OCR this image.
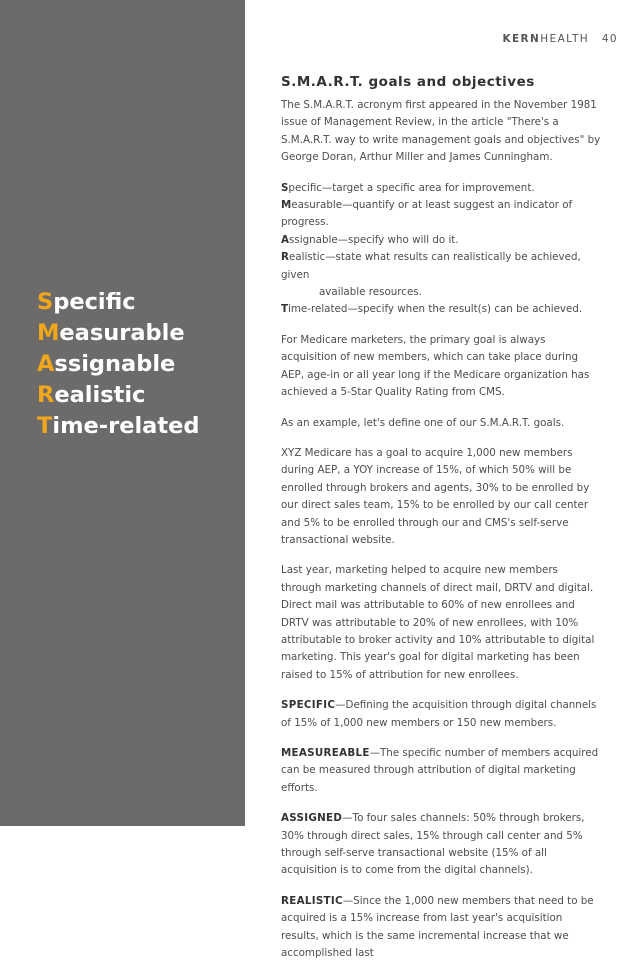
Specific
Measurable
Assignable
Realistic
Time-related
KERNHEALTH 40
S.M.A.R.T. goals and objectives

The S.M.A.R.T. acronym first appeared in the November 1981 issue of Management Review, in the article "There's a S.M.A.R.T. way to write management goals and objectives" by George Doran, Arthur Miller and James Cunningham.

Specific—target a specific area for improvement.
Measurable—quantify or at least suggest an indicator of progress.
Assignable—specify who will do it.
Realistic—state what results can realistically be achieved, given
available resources.
Time-related—specify when the result(s) can be achieved.

For Medicare marketers, the primary goal is always acquisition of new members, which can take place during AEP, age-in or all year long if the Medicare organization has achieved a 5-Star Quality Rating from CMS.

As an example, let's define one of our S.M.A.R.T. goals.

XYZ Medicare has a goal to acquire 1,000 new members during AEP, a YOY increase of 15%, of which 50% will be enrolled through brokers and agents, 30% to be enrolled by our direct sales team, 15% to be enrolled by our call center and 5% to be enrolled through our and CMS's self-serve transactional website.

Last year, marketing helped to acquire new members through marketing channels of direct mail, DRTV and digital. Direct mail was attributable to 60% of new enrollees and DRTV was attributable to 20% of new enrollees, with 10% attributable to broker activity and 10% attributable to digital marketing. This year's goal for digital marketing has been raised to 15% of attribution for new enrollees.

SPECIFIC—Defining the acquisition through digital channels of 15% of 1,000 new members or 150 new members.

MEASUREABLE—The specific number of members acquired can be measured through attribution of digital marketing efforts.

ASSIGNED—To four sales channels: 50% through brokers, 30% through direct sales, 15% through call center and 5% through self-serve transactional website (15% of all acquisition is to come from the digital channels).

REALISTIC—Since the 1,000 new members that need to be acquired is a 15% increase from last year's acquisition results, which is the same incremental increase that we accomplished last
